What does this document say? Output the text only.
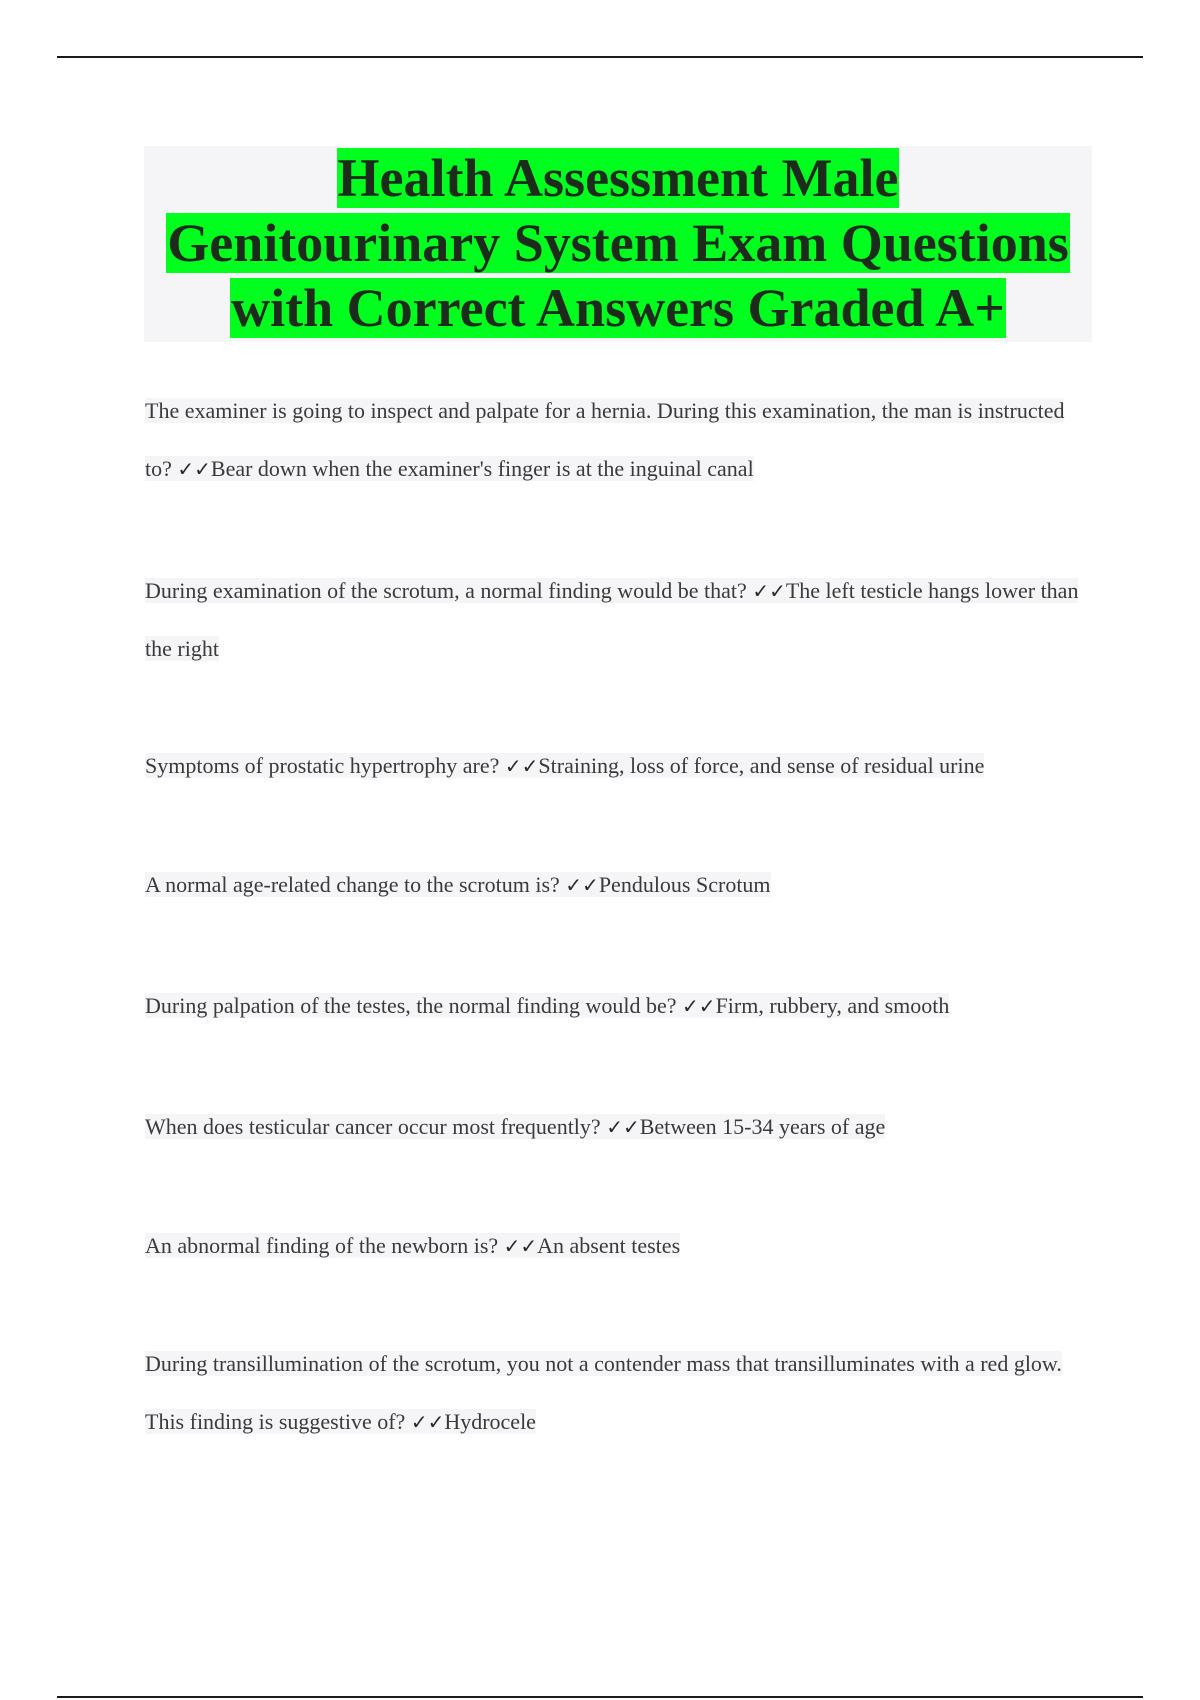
Health Assessment Male
Genitourinary System Exam Questions
with Correct Answers Graded A+

The examiner is going to inspect and palpate for a hernia. During this examination, the man is instructed to? ✓✓Bear down when the examiner's finger is at the inguinal canal

During examination of the scrotum, a normal finding would be that? ✓✓The left testicle hangs lower than the right

Symptoms of prostatic hypertrophy are? ✓✓Straining, loss of force, and sense of residual urine

A normal age-related change to the scrotum is? ✓✓Pendulous Scrotum

During palpation of the testes, the normal finding would be? ✓✓Firm, rubbery, and smooth

When does testicular cancer occur most frequently? ✓✓Between 15-34 years of age

An abnormal finding of the newborn is? ✓✓An absent testes

During transillumination of the scrotum, you not a contender mass that transilluminates with a red glow. This finding is suggestive of? ✓✓Hydrocele
